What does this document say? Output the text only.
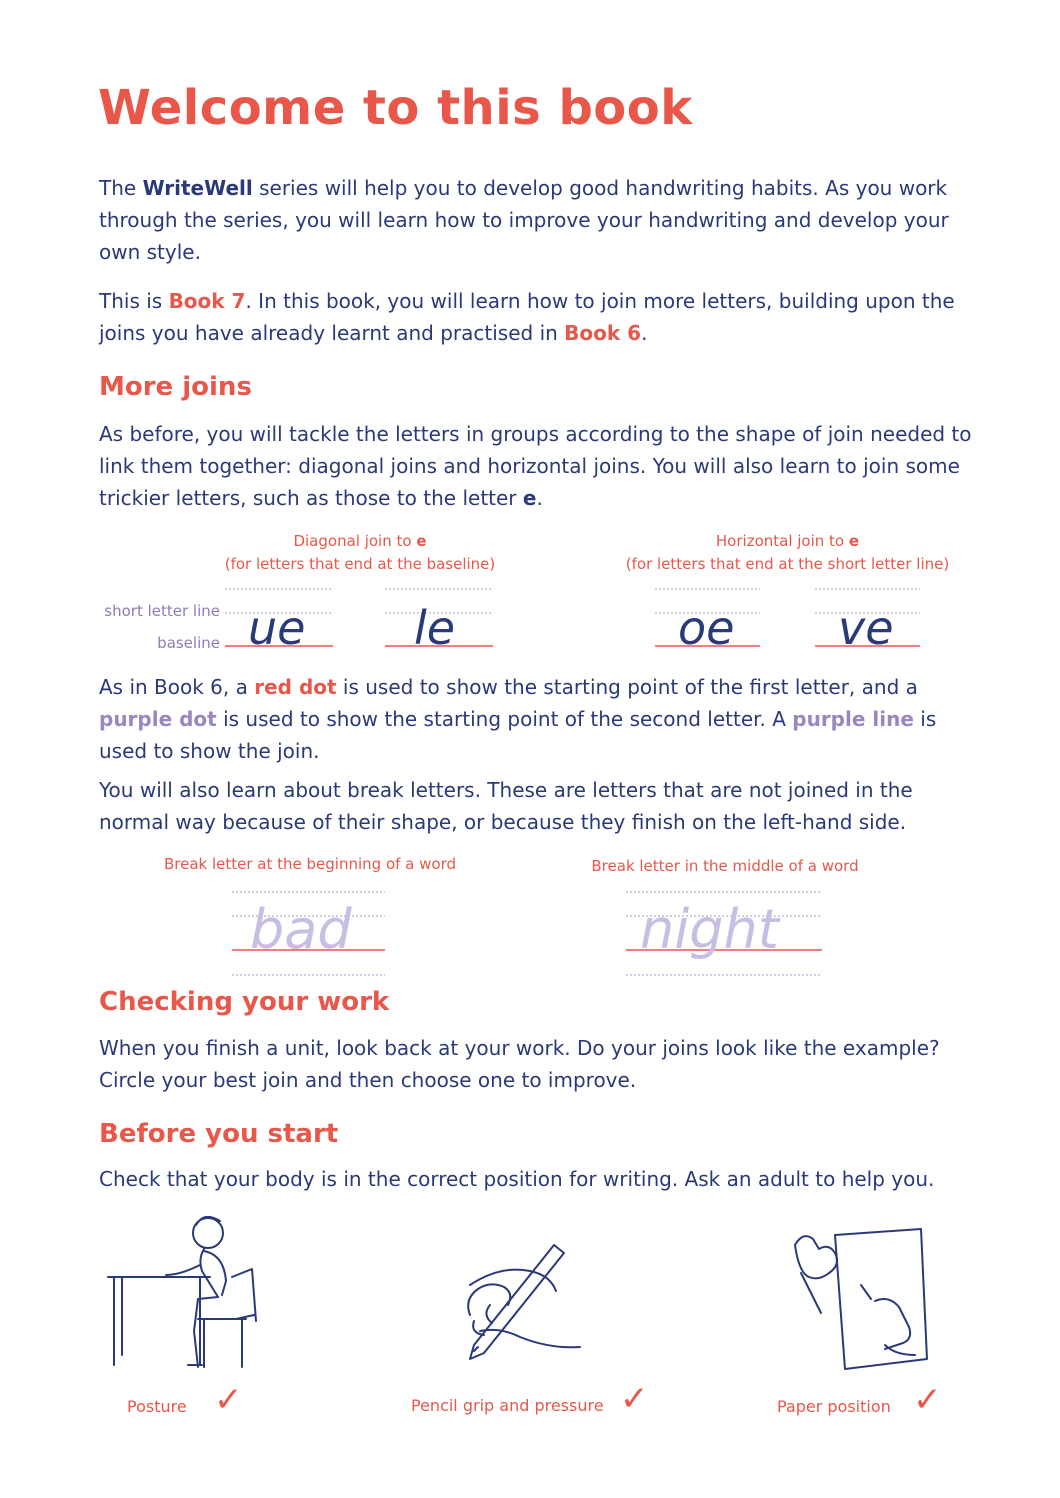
Welcome to this book

The WriteWell series will help you to develop good handwriting habits. As you work through the series, you will learn how to improve your handwriting and develop your own style.

This is Book 7. In this book, you will learn how to join more letters, building upon the joins you have already learnt and practised in Book 6.

More joins

As before, you will tackle the letters in groups according to the shape of join needed to link them together: diagonal joins and horizontal joins. You will also learn to join some trickier letters, such as those to the letter e.

Diagonal join to e
(for letters that end at the baseline)
Horizontal join to e
(for letters that end at the short letter line)
short letter line
baseline ue le	oe ve

As in Book 6, a red dot is used to show the starting point of the first letter, and a purple dot is used to show the starting point of the second letter. A purple line is used to show the join.

You will also learn about break letters. These are letters that are not joined in the normal way because of their shape, or because they finish on the left-hand side.

Break letter at the beginning of a word	Break letter in the middle of a word
bad	night
Checking your work

When you finish a unit, look back at your work. Do your joins look like the example? Circle your best join and then choose one to improve.

Before you start

Check that your body is in the correct position for writing. Ask an adult to help you.

Posture ✓	Pencil grip and pressure ✓	Paper position ✓
